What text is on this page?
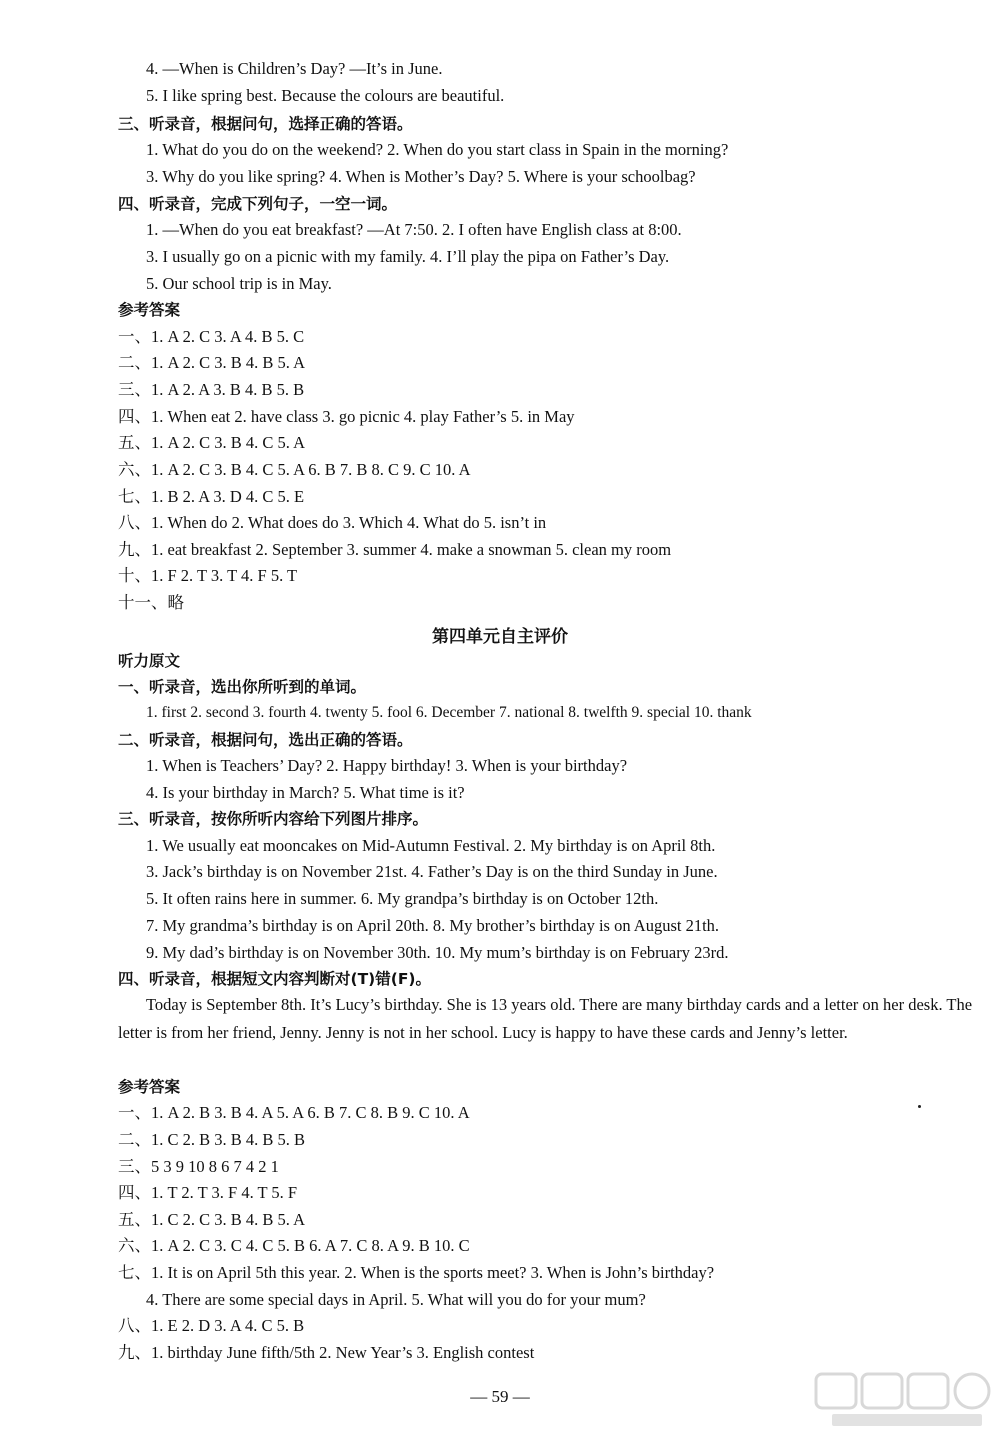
4. —When is Children’s Day? —It’s in June.
5. I like spring best. Because the colours are beautiful.
三、听录音，根据问句，选择正确的答语。
1. What do you do on the weekend? 2. When do you start class in Spain in the morning?
3. Why do you like spring? 4. When is Mother’s Day? 5. Where is your schoolbag?
四、听录音，完成下列句子，一空一词。
1. —When do you eat breakfast? —At 7:50. 2. I often have English class at 8:00.
3. I usually go on a picnic with my family. 4. I’ll play the pipa on Father’s Day.
5. Our school trip is in May.
参考答案
一、1. A 2. C 3. A 4. B 5. C
二、1. A 2. C 3. B 4. B 5. A
三、1. A 2. A 3. B 4. B 5. B
四、1. When eat 2. have class 3. go picnic 4. play Father’s 5. in May
五、1. A 2. C 3. B 4. C 5. A
六、1. A 2. C 3. B 4. C 5. A 6. B 7. B 8. C 9. C 10. A
七、1. B 2. A 3. D 4. C 5. E
八、1. When do 2. What does do 3. Which 4. What do 5. isn’t in
九、1. eat breakfast 2. September 3. summer 4. make a snowman 5. clean my room
十、1. F 2. T 3. T 4. F 5. T
十一、略
第四单元自主评价
听力原文
一、听录音，选出你所听到的单词。
1. first 2. second 3. fourth 4. twenty 5. fool 6. December 7. national 8. twelfth 9. special 10. thank
二、听录音，根据问句，选出正确的答语。
1. When is Teachers’ Day? 2. Happy birthday! 3. When is your birthday?
4. Is your birthday in March? 5. What time is it?
三、听录音，按你所听内容给下列图片排序。
1. We usually eat mooncakes on Mid-Autumn Festival. 2. My birthday is on April 8th.
3. Jack’s birthday is on November 21st. 4. Father’s Day is on the third Sunday in June.
5. It often rains here in summer. 6. My grandpa’s birthday is on October 12th.
7. My grandma’s birthday is on April 20th. 8. My brother’s birthday is on August 21th.
9. My dad’s birthday is on November 30th. 10. My mum’s birthday is on February 23rd.
四、听录音，根据短文内容判断对(T)错(F)。
Today is September 8th. It’s Lucy’s birthday. She is 13 years old. There are many birthday cards and a letter on her desk. The letter is from her friend, Jenny. Jenny is not in her school. Lucy is happy to have these cards and Jenny’s letter.
参考答案
一、1. A 2. B 3. B 4. A 5. A 6. B 7. C 8. B 9. C 10. A
二、1. C 2. B 3. B 4. B 5. B
三、5 3 9 10 8 6 7 4 2 1
四、1. T 2. T 3. F 4. T 5. F
五、1. C 2. C 3. B 4. B 5. A
六、1. A 2. C 3. C 4. C 5. B 6. A 7. C 8. A 9. B 10. C
七、1. It is on April 5th this year. 2. When is the sports meet? 3. When is John’s birthday?
4. There are some special days in April. 5. What will you do for your mum?
八、1. E 2. D 3. A 4. C 5. B
九、1. birthday June fifth/5th 2. New Year’s 3. English contest
— 59 —
